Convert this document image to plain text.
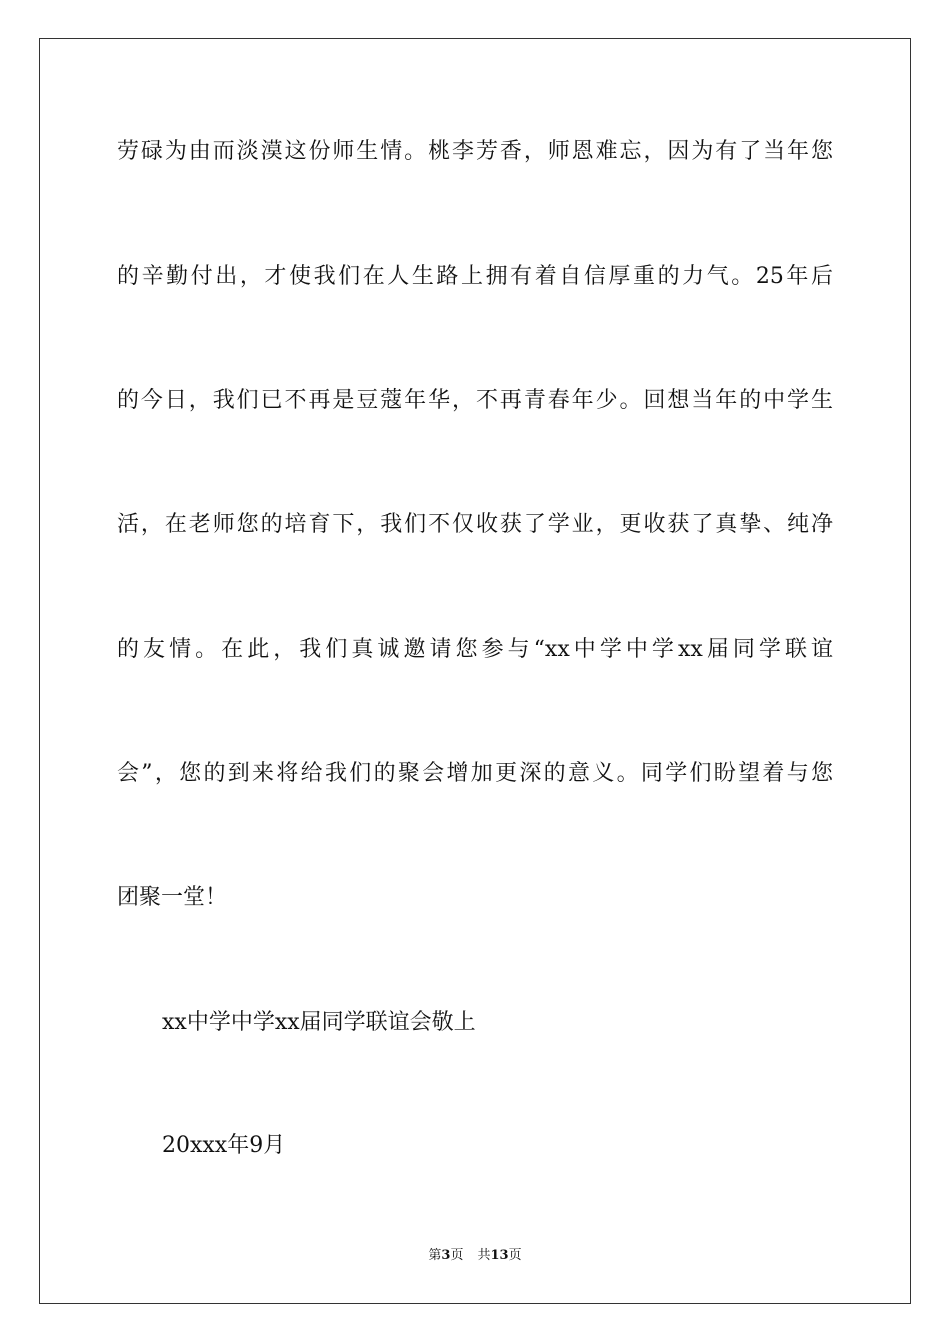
劳碌为由而淡漠这份师生情。桃李芳香，师恩难忘，因为有了当年您
的辛勤付出，才使我们在人生路上拥有着自信厚重的力气。25年后
的今日，我们已不再是豆蔻年华，不再青春年少。回想当年的中学生
活，在老师您的培育下，我们不仅收获了学业，更收获了真挚、纯净
的友情。在此，我们真诚邀请您参与“xx中学中学xx届同学联谊
会”，您的到来将给我们的聚会增加更深的意义。同学们盼望着与您
团聚一堂！
xx中学中学xx届同学联谊会敬上
20xxx年9月
第3页 共13页
